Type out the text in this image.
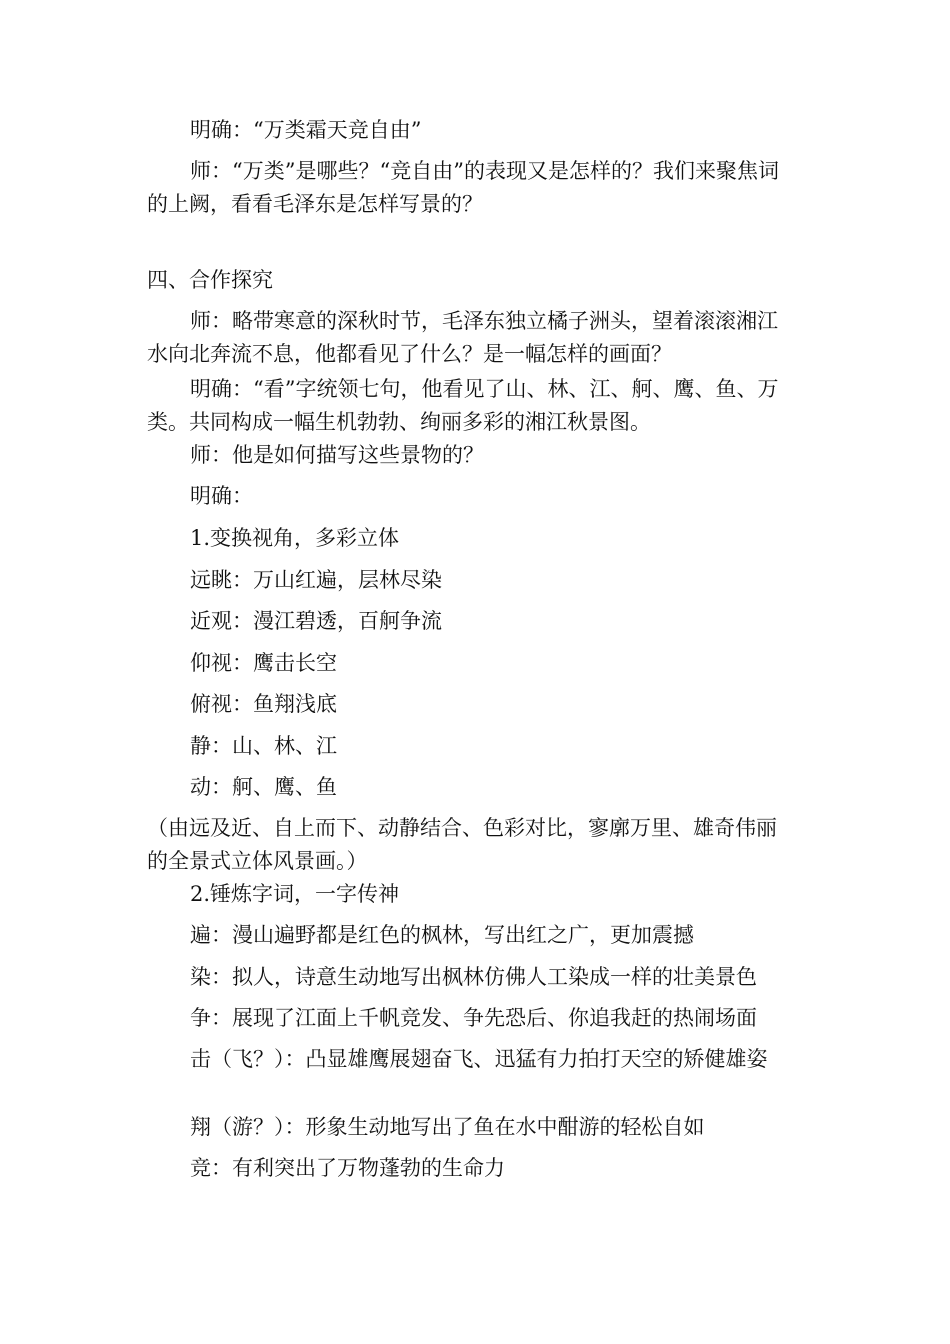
明确：“万类霜天竞自由”

师：“万类”是哪些？“竞自由”的表现又是怎样的？我们来聚焦词的上阙，看看毛泽东是怎样写景的？

四、合作探究

师：略带寒意的深秋时节，毛泽东独立橘子洲头，望着滚滚湘江水向北奔流不息，他都看见了什么？是一幅怎样的画面？

明确：“看”字统领七句，他看见了山、林、江、舸、鹰、鱼、万类。共同构成一幅生机勃勃、绚丽多彩的湘江秋景图。

师：他是如何描写这些景物的？

明确：

1.变换视角，多彩立体

远眺：万山红遍，层林尽染

近观：漫江碧透，百舸争流

仰视：鹰击长空

俯视：鱼翔浅底

静：山、林、江

动：舸、鹰、鱼

（由远及近、自上而下、动静结合、色彩对比，寥廓万里、雄奇伟丽的全景式立体风景画。）

2.锤炼字词，一字传神

遍：漫山遍野都是红色的枫林，写出红之广，更加震撼

染：拟人，诗意生动地写出枫林仿佛人工染成一样的壮美景色

争：展现了江面上千帆竞发、争先恐后、你追我赶的热闹场面

击（飞？）：凸显雄鹰展翅奋飞、迅猛有力拍打天空的矫健雄姿

翔（游？）：形象生动地写出了鱼在水中酣游的轻松自如

竞：有利突出了万物蓬勃的生命力
